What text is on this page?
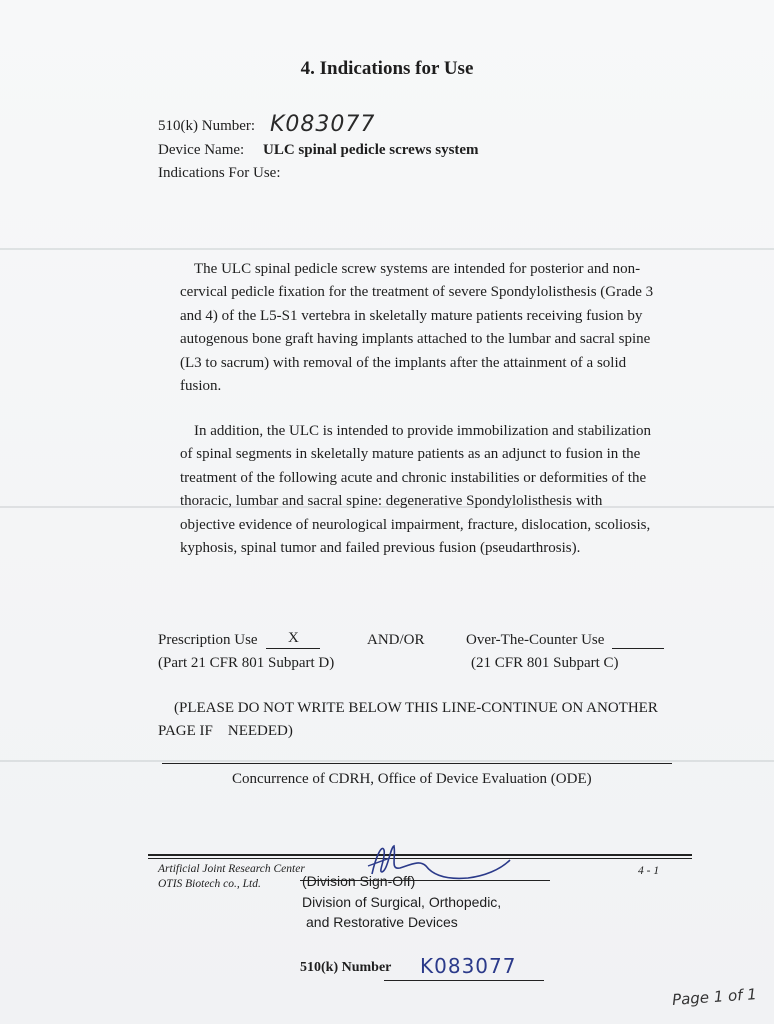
4. Indications for Use
510(k) Number: K083077
Device Name: ULC spinal pedicle screws system
Indications For Use:
The ULC spinal pedicle screw systems are intended for posterior and non-
cervical pedicle fixation for the treatment of severe Spondylolisthesis (Grade 3
and 4) of the L5-S1 vertebra in skeletally mature patients receiving fusion by
autogenous bone graft having implants attached to the lumbar and sacral spine
(L3 to sacrum) with removal of the implants after the attainment of a solid
fusion.
In addition, the ULC is intended to provide immobilization and stabilization
of spinal segments in skeletally mature patients as an adjunct to fusion in the
treatment of the following acute and chronic instabilities or deformities of the
thoracic, lumbar and sacral spine: degenerative Spondylolisthesis with
objective evidence of neurological impairment, fracture, dislocation, scoliosis,
kyphosis, spinal tumor and failed previous fusion (pseudarthrosis).
Prescription Use X	AND/OR	Over-The-Counter Use
(Part 21 CFR 801 Subpart D)	(21 CFR 801 Subpart C)
(PLEASE DO NOT WRITE BELOW THIS LINE-CONTINUE ON ANOTHER
PAGE IF    NEEDED)
Concurrence of CDRH, Office of Device Evaluation (ODE)
Artificial Joint Research Center
OTIS Biotech co., Ltd.
4 - 1
(Division Sign-Off)
Division of Surgical, Orthopedic,
and Restorative Devices
510(k) Number K083077
Page 1 of 1
